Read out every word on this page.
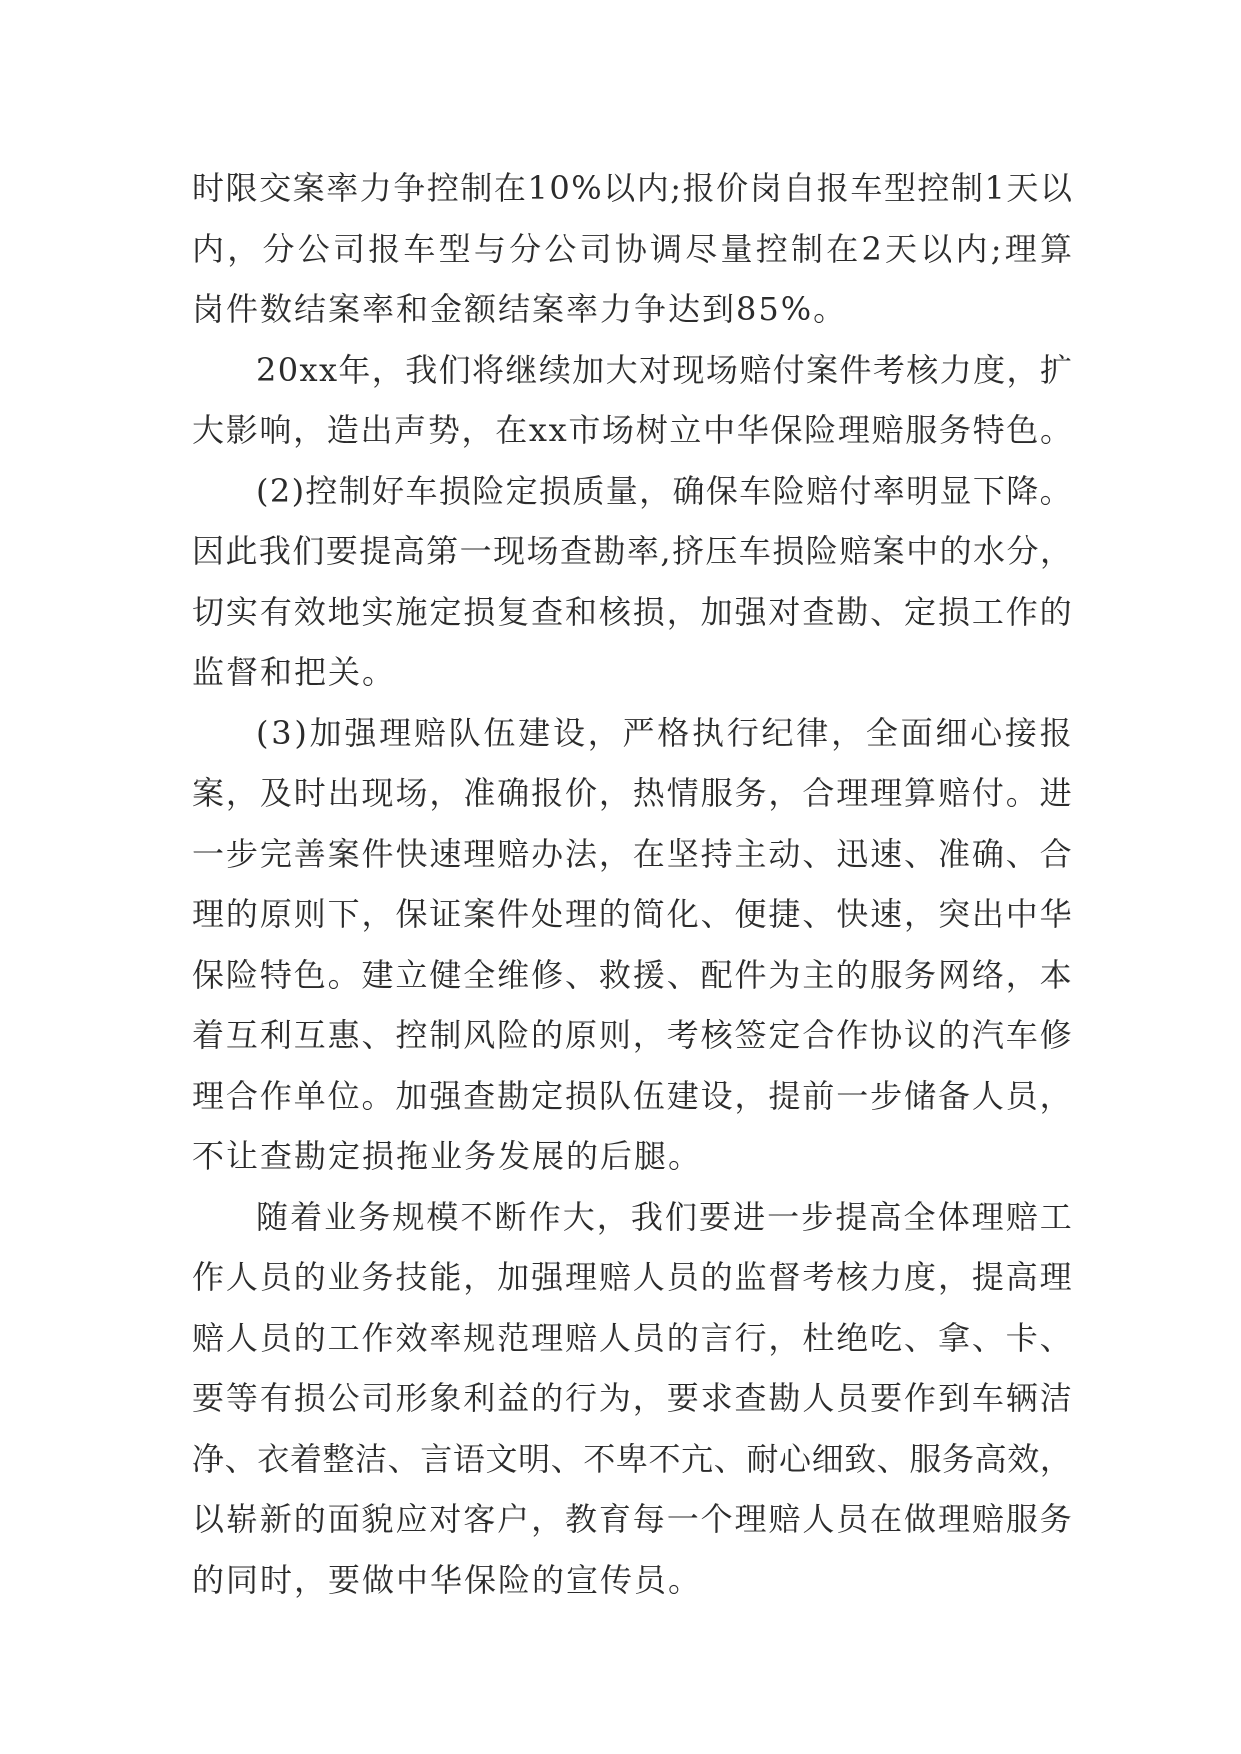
时 限 交 案 率 力 争 控 制 在 1 0 % 以 内 ; 报 价 岗 自 报 车 型 控 制 1 天 以
内 ， 分 公 司 报 车 型 与 分 公 司 协 调 尽 量 控 制 在 2 天 以 内 ; 理 算
岗件数结案率和金额结案率力争达到85%。
2 0 x x 年 ， 我 们 将 继 续 加 大 对 现 场 赔 付 案 件 考 核 力 度 ， 扩
大 影 响 ， 造 出 声 势 ， 在 x x 市 场 树 立 中 华 保 险 理 赔 服 务 特 色 。
( 2 ) 控 制 好 车 损 险 定 损 质 量 ， 确 保 车 险 赔 付 率 明 显 下 降 。
因 此 我 们 要 提 高 第 一 现 场 查 勘 率 , 挤 压 车 损 险 赔 案 中 的 水 分 ，
切 实 有 效 地 实 施 定 损 复 查 和 核 损 ， 加 强 对 查 勘 、 定 损 工 作 的
监督和把关。
( 3 ) 加 强 理 赔 队 伍 建 设 ， 严 格 执 行 纪 律 ， 全 面 细 心 接 报
案 ， 及 时 出 现 场 ， 准 确 报 价 ， 热 情 服 务 ， 合 理 理 算 赔 付 。 进
一 步 完 善 案 件 快 速 理 赔 办 法 ， 在 坚 持 主 动 、 迅 速 、 准 确 、 合
理 的 原 则 下 ， 保 证 案 件 处 理 的 简 化 、 便 捷 、 快 速 ， 突 出 中 华
保 险 特 色 。 建 立 健 全 维 修 、 救 援 、 配 件 为 主 的 服 务 网 络 ， 本
着 互 利 互 惠 、 控 制 风 险 的 原 则 ， 考 核 签 定 合 作 协 议 的 汽 车 修
理 合 作 单 位 。 加 强 查 勘 定 损 队 伍 建 设 ， 提 前 一 步 储 备 人 员 ，
不让查勘定损拖业务发展的后腿。
随 着 业 务 规 模 不 断 作 大 ， 我 们 要 进 一 步 提 高 全 体 理 赔 工
作 人 员 的 业 务 技 能 ， 加 强 理 赔 人 员 的 监 督 考 核 力 度 ， 提 高 理
赔 人 员 的 工 作 效 率 规 范 理 赔 人 员 的 言 行 ， 杜 绝 吃 、 拿 、 卡 、
要 等 有 损 公 司 形 象 利 益 的 行 为 ， 要 求 查 勘 人 员 要 作 到 车 辆 洁
净 、 衣 着 整 洁 、 言 语 文 明 、 不 卑 不 亢 、 耐 心 细 致 、 服 务 高 效 ，
以 崭 新 的 面 貌 应 对 客 户 ， 教 育 每 一 个 理 赔 人 员 在 做 理 赔 服 务
的同时，要做中华保险的宣传员。
